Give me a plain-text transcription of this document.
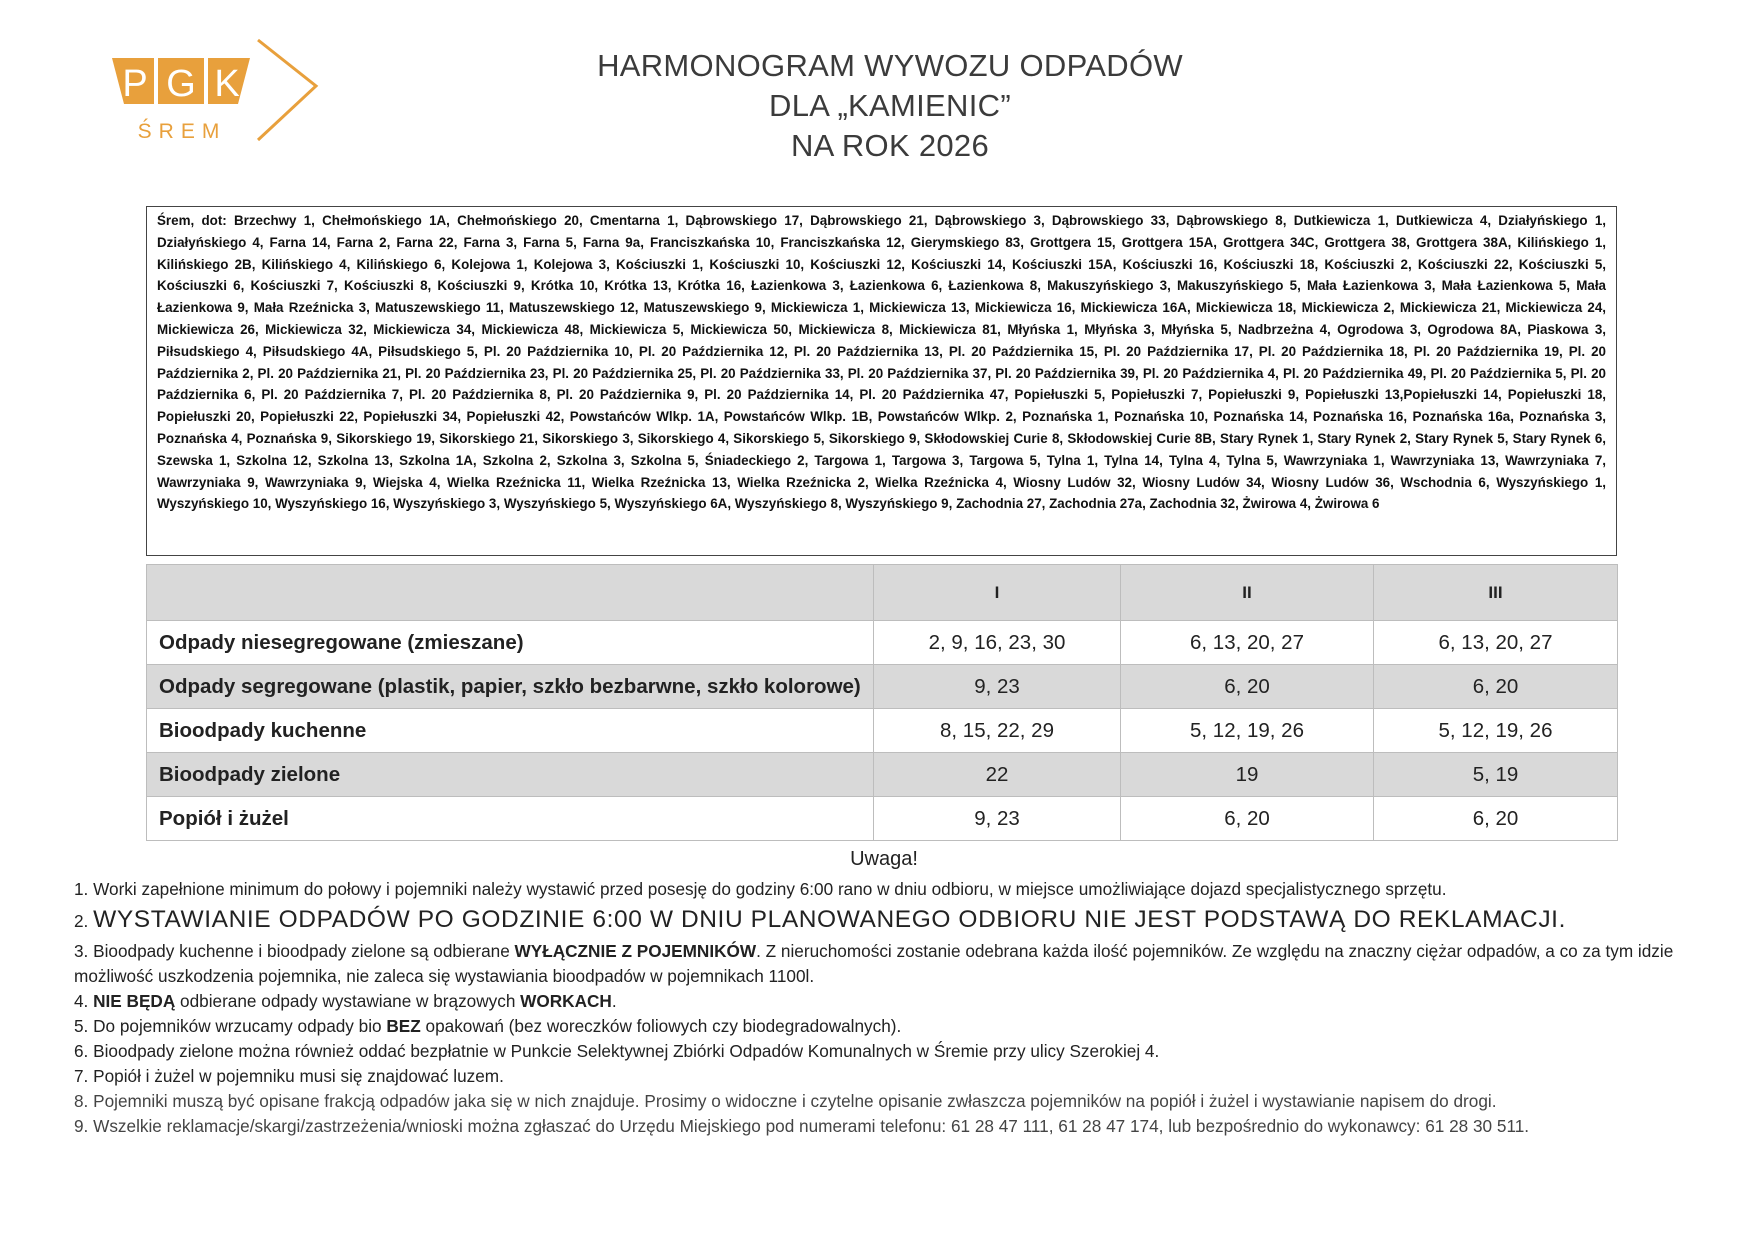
P G K
ŚREM
HARMONOGRAM WYWOZU ODPADÓW
DLA „KAMIENIC”
NA ROK 2026

Śrem, dot: Brzechwy 1, Chełmońskiego 1A, Chełmońskiego 20, Cmentarna 1, Dąbrowskiego 17, Dąbrowskiego 21, Dąbrowskiego 3, Dąbrowskiego 33, Dąbrowskiego 8, Dutkiewicza 1, Dutkiewicza 4, Działyńskiego 1, Działyńskiego 4, Farna 14, Farna 2, Farna 22, Farna 3, Farna 5, Farna 9a, Franciszkańska 10, Franciszkańska 12, Gierymskiego 83, Grottgera 15, Grottgera 15A, Grottgera 34C, Grottgera 38, Grottgera 38A, Kilińskiego 1, Kilińskiego 2B, Kilińskiego 4, Kilińskiego 6, Kolejowa 1, Kolejowa 3, Kościuszki 1, Kościuszki 10, Kościuszki 12, Kościuszki 14, Kościuszki 15A, Kościuszki 16, Kościuszki 18, Kościuszki 2, Kościuszki 22, Kościuszki 5, Kościuszki 6, Kościuszki 7, Kościuszki 8, Kościuszki 9, Krótka 10, Krótka 13, Krótka 16, Łazienkowa 3, Łazienkowa 6, Łazienkowa 8, Makuszyńskiego 3, Makuszyńskiego 5, Mała Łazienkowa 3, Mała Łazienkowa 5, Mała Łazienkowa 9, Mała Rzeźnicka 3, Matuszewskiego 11, Matuszewskiego 12, Matuszewskiego 9, Mickiewicza 1, Mickiewicza 13, Mickiewicza 16, Mickiewicza 16A, Mickiewicza 18, Mickiewicza 2, Mickiewicza 21, Mickiewicza 24, Mickiewicza 26, Mickiewicza 32, Mickiewicza 34, Mickiewicza 48, Mickiewicza 5, Mickiewicza 50, Mickiewicza 8, Mickiewicza 81, Młyńska 1, Młyńska 3, Młyńska 5, Nadbrzeżna 4, Ogrodowa 3, Ogrodowa 8A, Piaskowa 3, Piłsudskiego 4, Piłsudskiego 4A, Piłsudskiego 5, Pl. 20 Października 10, Pl. 20 Października 12, Pl. 20 Października 13, Pl. 20 Października 15, Pl. 20 Października 17, Pl. 20 Października 18, Pl. 20 Października 19, Pl. 20 Października 2, Pl. 20 Października 21, Pl. 20 Października 23, Pl. 20 Października 25, Pl. 20 Października 33, Pl. 20 Października 37, Pl. 20 Października 39, Pl. 20 Października 4, Pl. 20 Października 49, Pl. 20 Października 5, Pl. 20 Października 6, Pl. 20 Października 7, Pl. 20 Października 8, Pl. 20 Października 9, Pl. 20 Października 14, Pl. 20 Października 47, Popiełuszki 5, Popiełuszki 7, Popiełuszki 9, Popiełuszki 13,Popiełuszki 14, Popiełuszki 18, Popiełuszki 20, Popiełuszki 22, Popiełuszki 34, Popiełuszki 42, Powstańców Wlkp. 1A, Powstańców Wlkp. 1B, Powstańców Wlkp. 2, Poznańska 1, Poznańska 10, Poznańska 14, Poznańska 16, Poznańska 16a, Poznańska 3, Poznańska 4, Poznańska 9, Sikorskiego 19, Sikorskiego 21, Sikorskiego 3, Sikorskiego 4, Sikorskiego 5, Sikorskiego 9, Skłodowskiej Curie 8, Skłodowskiej Curie 8B, Stary Rynek 1, Stary Rynek 2, Stary Rynek 5, Stary Rynek 6, Szewska 1, Szkolna 12, Szkolna 13, Szkolna 1A, Szkolna 2, Szkolna 3, Szkolna 5, Śniadeckiego 2, Targowa 1, Targowa 3, Targowa 5, Tylna 1, Tylna 14, Tylna 4, Tylna 5, Wawrzyniaka 1, Wawrzyniaka 13, Wawrzyniaka 7, Wawrzyniaka 9, Wawrzyniaka 9, Wiejska 4, Wielka Rzeźnicka 11, Wielka Rzeźnicka 13, Wielka Rzeźnicka 2, Wielka Rzeźnicka 4, Wiosny Ludów 32, Wiosny Ludów 34, Wiosny Ludów 36, Wschodnia 6, Wyszyńskiego 1, Wyszyńskiego 10, Wyszyńskiego 16, Wyszyńskiego 3, Wyszyńskiego 5, Wyszyńskiego 6A, Wyszyńskiego 8, Wyszyńskiego 9, Zachodnia 27, Zachodnia 27a, Zachodnia 32, Żwirowa 4, Żwirowa 6

	I	II	III
Odpady niesegregowane (zmieszane)	2, 9, 16, 23, 30	6, 13, 20, 27	6, 13, 20, 27
Odpady segregowane (plastik, papier, szkło bezbarwne, szkło kolorowe)	9, 23	6, 20	6, 20
Bioodpady kuchenne	8, 15, 22, 29	5, 12, 19, 26	5, 12, 19, 26
Bioodpady zielone	22	19	5, 19
Popiół i żużel	9, 23	6, 20	6, 20
Uwaga!
1. Worki zapełnione minimum do połowy i pojemniki należy wystawić przed posesję do godziny 6:00 rano w dniu odbioru, w miejsce umożliwiające dojazd specjalistycznego sprzętu.
2. WYSTAWIANIE ODPADÓW PO GODZINIE 6:00 W DNIU PLANOWANEGO ODBIORU NIE JEST PODSTAWĄ DO REKLAMACJI.
3. Bioodpady kuchenne i bioodpady zielone są odbierane WYŁĄCZNIE Z POJEMNIKÓW. Z nieruchomości zostanie odebrana każda ilość pojemników. Ze względu na znaczny ciężar odpadów, a co za tym idzie możliwość uszkodzenia pojemnika, nie zaleca się wystawiania bioodpadów w pojemnikach 1100l.
4. NIE BĘDĄ odbierane odpady wystawiane w brązowych WORKACH.
5. Do pojemników wrzucamy odpady bio BEZ opakowań (bez woreczków foliowych czy biodegradowalnych).
6. Bioodpady zielone można również oddać bezpłatnie w Punkcie Selektywnej Zbiórki Odpadów Komunalnych w Śremie przy ulicy Szerokiej 4.
7. Popiół i żużel w pojemniku musi się znajdować luzem.
8. Pojemniki muszą być opisane frakcją odpadów jaka się w nich znajduje. Prosimy o widoczne i czytelne opisanie zwłaszcza pojemników na popiół i żużel i wystawianie napisem do drogi.
9. Wszelkie reklamacje/skargi/zastrzeżenia/wnioski można zgłaszać do Urzędu Miejskiego pod numerami telefonu: 61 28 47 111, 61 28 47 174, lub bezpośrednio do wykonawcy: 61 28 30 511.
